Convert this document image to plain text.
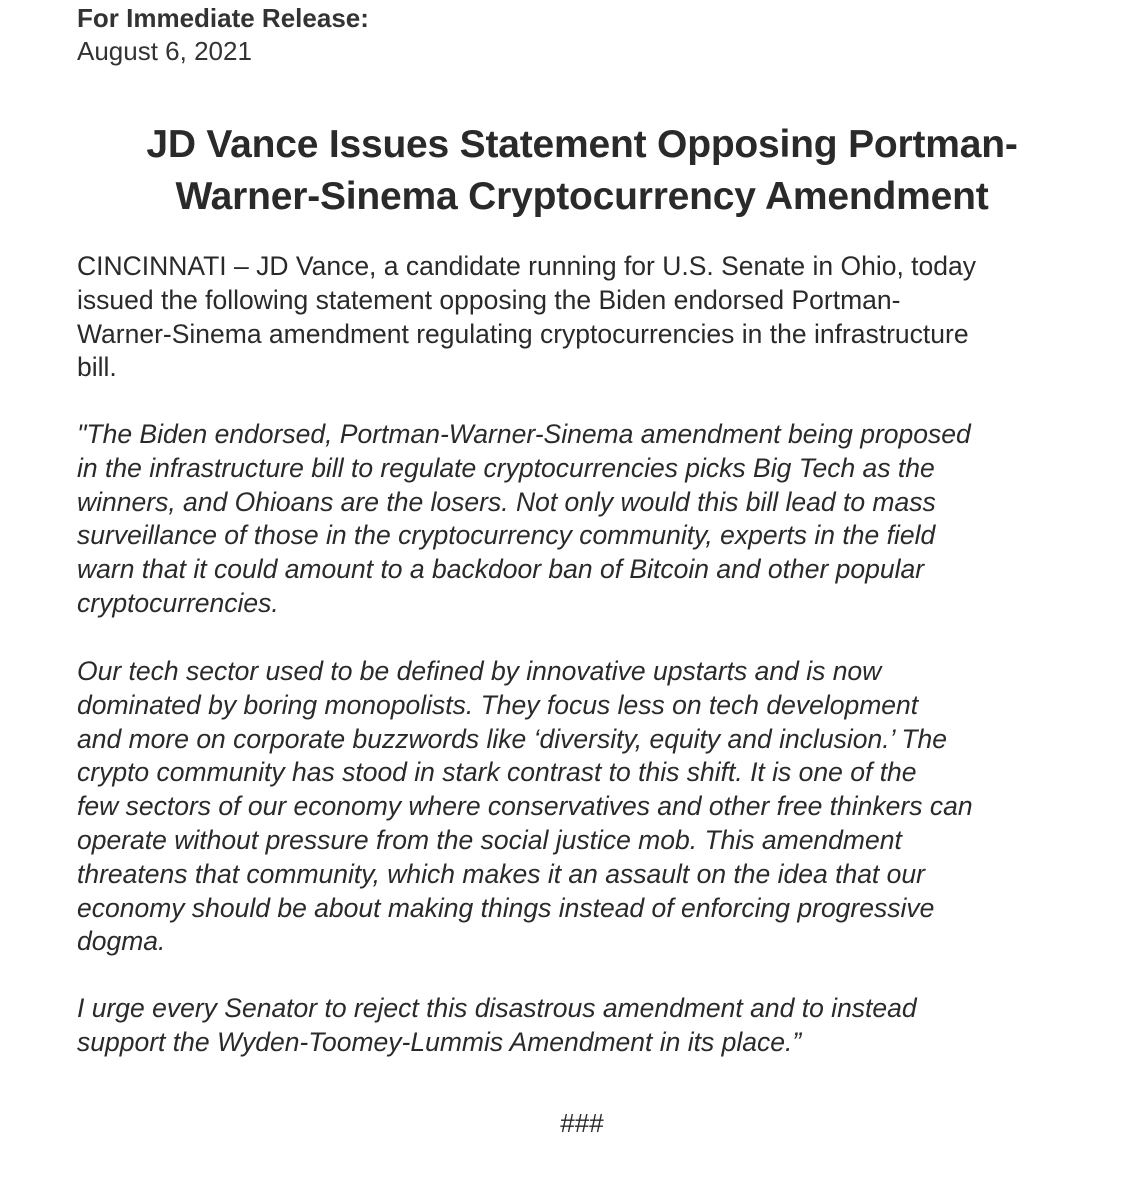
For Immediate Release:
August 6, 2021
JD Vance Issues Statement Opposing Portman-
Warner-Sinema Cryptocurrency Amendment

CINCINNATI – JD Vance, a candidate running for U.S. Senate in Ohio, today
issued the following statement opposing the Biden endorsed Portman-
Warner-Sinema amendment regulating cryptocurrencies in the infrastructure
bill.

"The Biden endorsed, Portman-Warner-Sinema amendment being proposed
in the infrastructure bill to regulate cryptocurrencies picks Big Tech as the
winners, and Ohioans are the losers. Not only would this bill lead to mass
surveillance of those in the cryptocurrency community, experts in the field
warn that it could amount to a backdoor ban of Bitcoin and other popular
cryptocurrencies.

Our tech sector used to be defined by innovative upstarts and is now
dominated by boring monopolists. They focus less on tech development
and more on corporate buzzwords like ‘diversity, equity and inclusion.’ The
crypto community has stood in stark contrast to this shift. It is one of the
few sectors of our economy where conservatives and other free thinkers can
operate without pressure from the social justice mob. This amendment
threatens that community, which makes it an assault on the idea that our
economy should be about making things instead of enforcing progressive
dogma.

I urge every Senator to reject this disastrous amendment and to instead
support the Wyden-Toomey-Lummis Amendment in its place.”

###
